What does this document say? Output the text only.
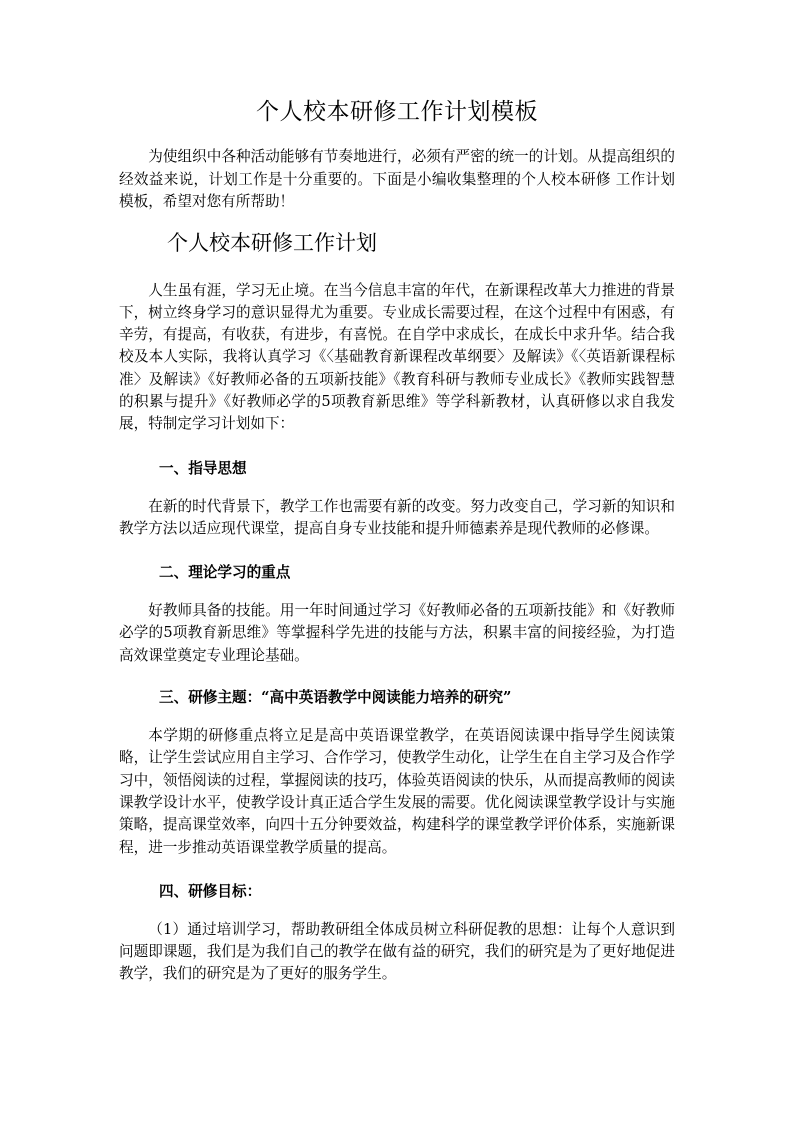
个人校本研修工作计划模板

为使组织中各种活动能够有节奏地进行，必须有严密的统一的计划。从提高组织的经效益来说，计划工作是十分重要的。下面是小编收集整理的个人校本研修 工作计划 模板，希望对您有所帮助！

个人校本研修工作计划

人生虽有涯，学习无止境。在当今信息丰富的年代，在新课程改革大力推进的背景下，树立终身学习的意识显得尤为重要。专业成长需要过程，在这个过程中有困惑，有辛劳，有提高，有收获，有进步，有喜悦。在自学中求成长，在成长中求升华。结合我校及本人实际，我将认真学习《〈基础教育新课程改革纲要〉及解读》《〈英语新课程标准〉及解读》《好教师必备的五项新技能》《教育科研与教师专业成长》《教师实践智慧的积累与提升》《好教师必学的5项教育新思维》等学科新教材，认真研修以求自我发展，特制定学习计划如下：

一、指导思想

在新的时代背景下，教学工作也需要有新的改变。努力改变自己，学习新的知识和教学方法以适应现代课堂，提高自身专业技能和提升师德素养是现代教师的必修课。

二、理论学习的重点

好教师具备的技能。用一年时间通过学习《好教师必备的五项新技能》和《好教师必学的5项教育新思维》等掌握科学先进的技能与方法，积累丰富的间接经验，为打造高效课堂奠定专业理论基础。

三、研修主题：“高中英语教学中阅读能力培养的研究”

本学期的研修重点将立足是高中英语课堂教学，在英语阅读课中指导学生阅读策略，让学生尝试应用自主学习、合作学习，使教学生动化，让学生在自主学习及合作学习中，领悟阅读的过程，掌握阅读的技巧，体验英语阅读的快乐，从而提高教师的阅读课教学设计水平，使教学设计真正适合学生发展的需要。优化阅读课堂教学设计与实施策略，提高课堂效率，向四十五分钟要效益，构建科学的课堂教学评价体系，实施新课程，进一步推动英语课堂教学质量的提高。

四、研修目标：

（1）通过培训学习，帮助教研组全体成员树立科研促教的思想：让每个人意识到问题即课题，我们是为我们自己的教学在做有益的研究，我们的研究是为了更好地促进教学，我们的研究是为了更好的服务学生。
